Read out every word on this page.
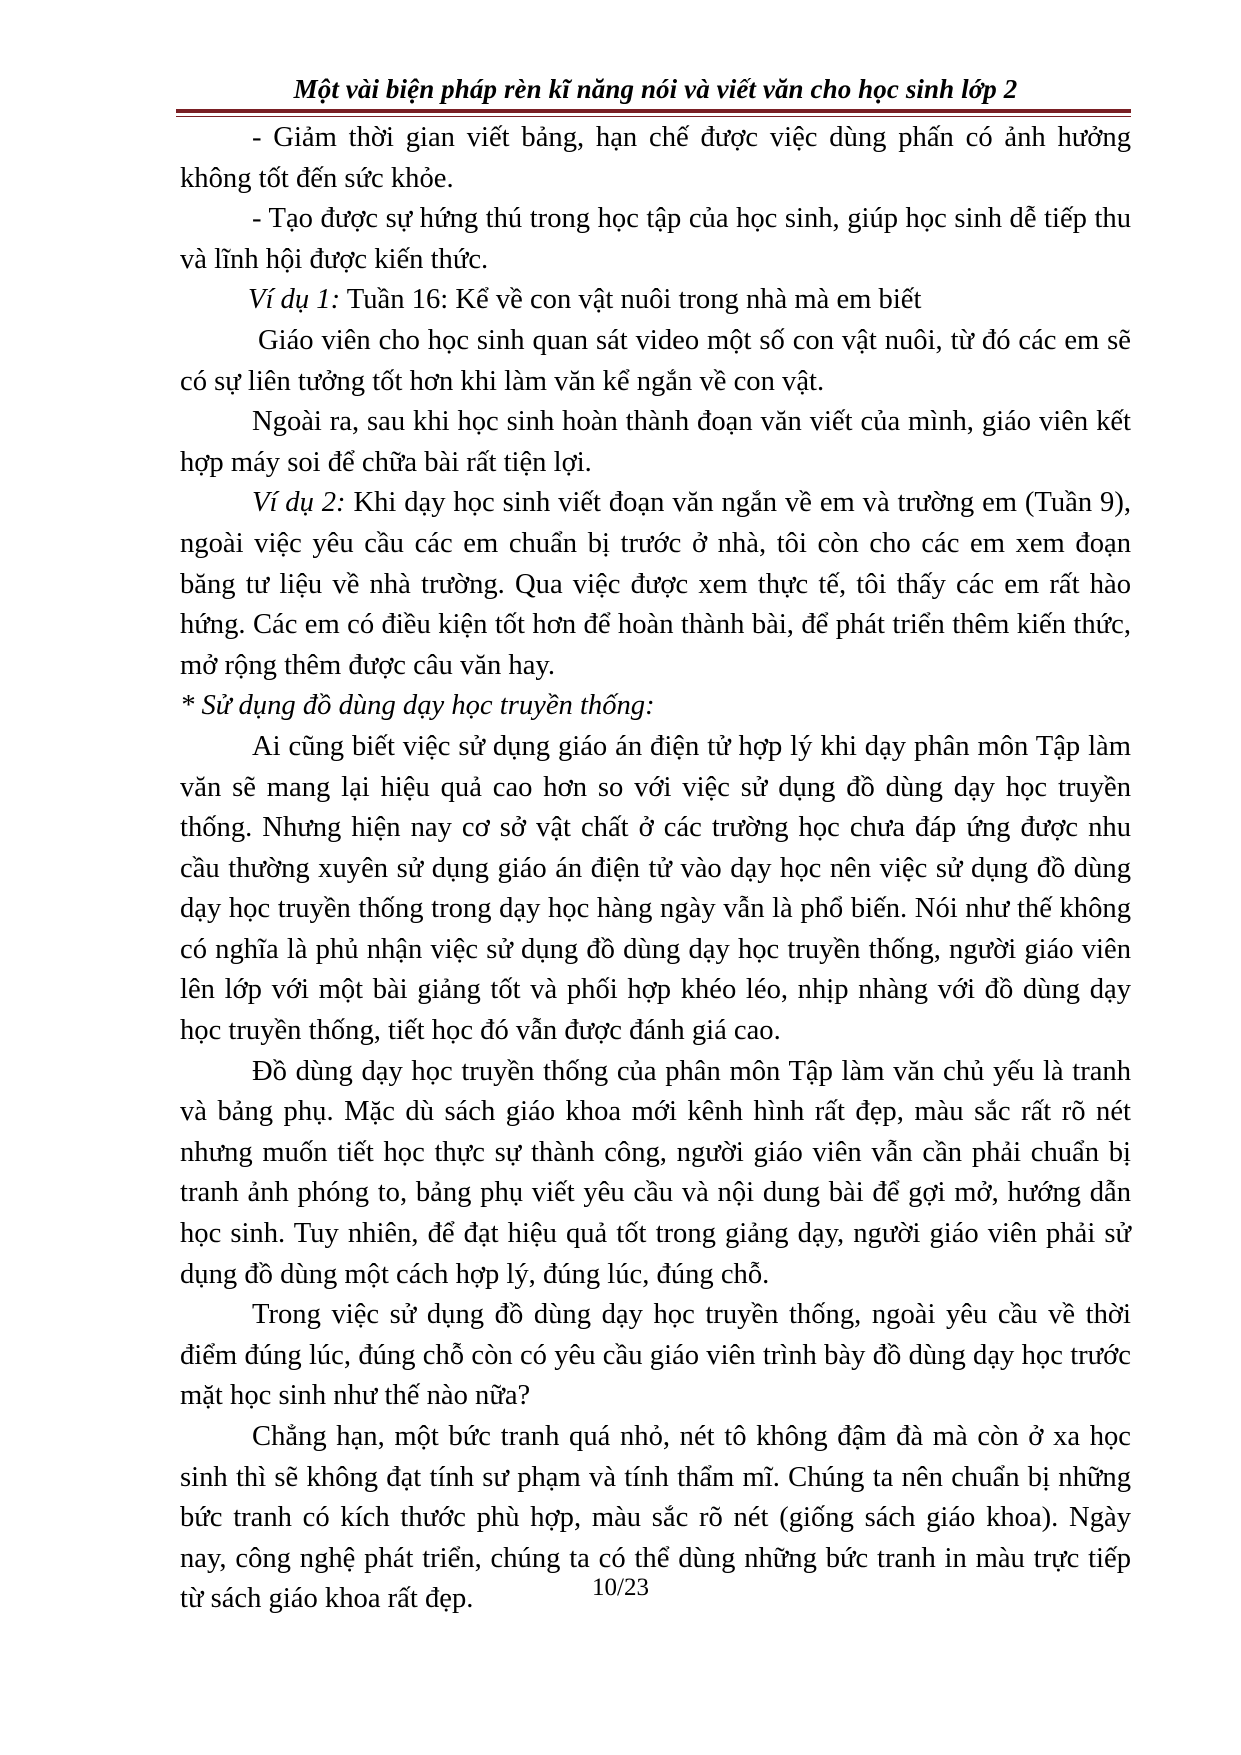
Một vài biện pháp rèn kĩ năng nói và viết văn cho học sinh lớp 2

- Giảm thời gian viết bảng, hạn chế được việc dùng phấn có ảnh hưởng không tốt đến sức khỏe.

- Tạo được sự hứng thú trong học tập của học sinh, giúp học sinh dễ tiếp thu và lĩnh hội được kiến thức.

Ví dụ 1: Tuần 16: Kể về con vật nuôi trong nhà mà em biết

Giáo viên cho học sinh quan sát video một số con vật nuôi, từ đó các em sẽ có sự liên tưởng tốt hơn khi làm văn kể ngắn về con vật.

Ngoài ra, sau khi học sinh hoàn thành đoạn văn viết của mình, giáo viên kết hợp máy soi để chữa bài rất tiện lợi.

Ví dụ 2: Khi dạy học sinh viết đoạn văn ngắn về em và trường em (Tuần 9), ngoài việc yêu cầu các em chuẩn bị trước ở nhà, tôi còn cho các em xem đoạn băng tư liệu về nhà trường. Qua việc được xem thực tế, tôi thấy các em rất hào hứng. Các em có điều kiện tốt hơn để hoàn thành bài, để phát triển thêm kiến thức, mở rộng thêm được câu văn hay.

* Sử dụng đồ dùng dạy học truyền thống:

Ai cũng biết việc sử dụng giáo án điện tử hợp lý khi dạy phân môn Tập làm văn sẽ mang lại hiệu quả cao hơn so với việc sử dụng đồ dùng dạy học truyền thống. Nhưng hiện nay cơ sở vật chất ở các trường học chưa đáp ứng được nhu cầu thường xuyên sử dụng giáo án điện tử vào dạy học nên việc sử dụng đồ dùng dạy học truyền thống trong dạy học hàng ngày vẫn là phổ biến. Nói như thế không có nghĩa là phủ nhận việc sử dụng đồ dùng dạy học truyền thống, người giáo viên lên lớp với một bài giảng tốt và phối hợp khéo léo, nhịp nhàng với đồ dùng dạy học truyền thống, tiết học đó vẫn được đánh giá cao.

Đồ dùng dạy học truyền thống của phân môn Tập làm văn chủ yếu là tranh và bảng phụ. Mặc dù sách giáo khoa mới kênh hình rất đẹp, màu sắc rất rõ nét nhưng muốn tiết học thực sự thành công, người giáo viên vẫn cần phải chuẩn bị tranh ảnh phóng to, bảng phụ viết yêu cầu và nội dung bài để gợi mở, hướng dẫn học sinh. Tuy nhiên, để đạt hiệu quả tốt trong giảng dạy, người giáo viên phải sử dụng đồ dùng một cách hợp lý, đúng lúc, đúng chỗ.

Trong việc sử dụng đồ dùng dạy học truyền thống, ngoài yêu cầu về thời điểm đúng lúc, đúng chỗ còn có yêu cầu giáo viên trình bày đồ dùng dạy học trước mặt học sinh như thế nào nữa?

Chẳng hạn, một bức tranh quá nhỏ, nét tô không đậm đà mà còn ở xa học sinh thì sẽ không đạt tính sư phạm và tính thẩm mĩ. Chúng ta nên chuẩn bị những bức tranh có kích thước phù hợp, màu sắc rõ nét (giống sách giáo khoa). Ngày nay, công nghệ phát triển, chúng ta có thể dùng những bức tranh in màu trực tiếp từ sách giáo khoa rất đẹp.	10/23
